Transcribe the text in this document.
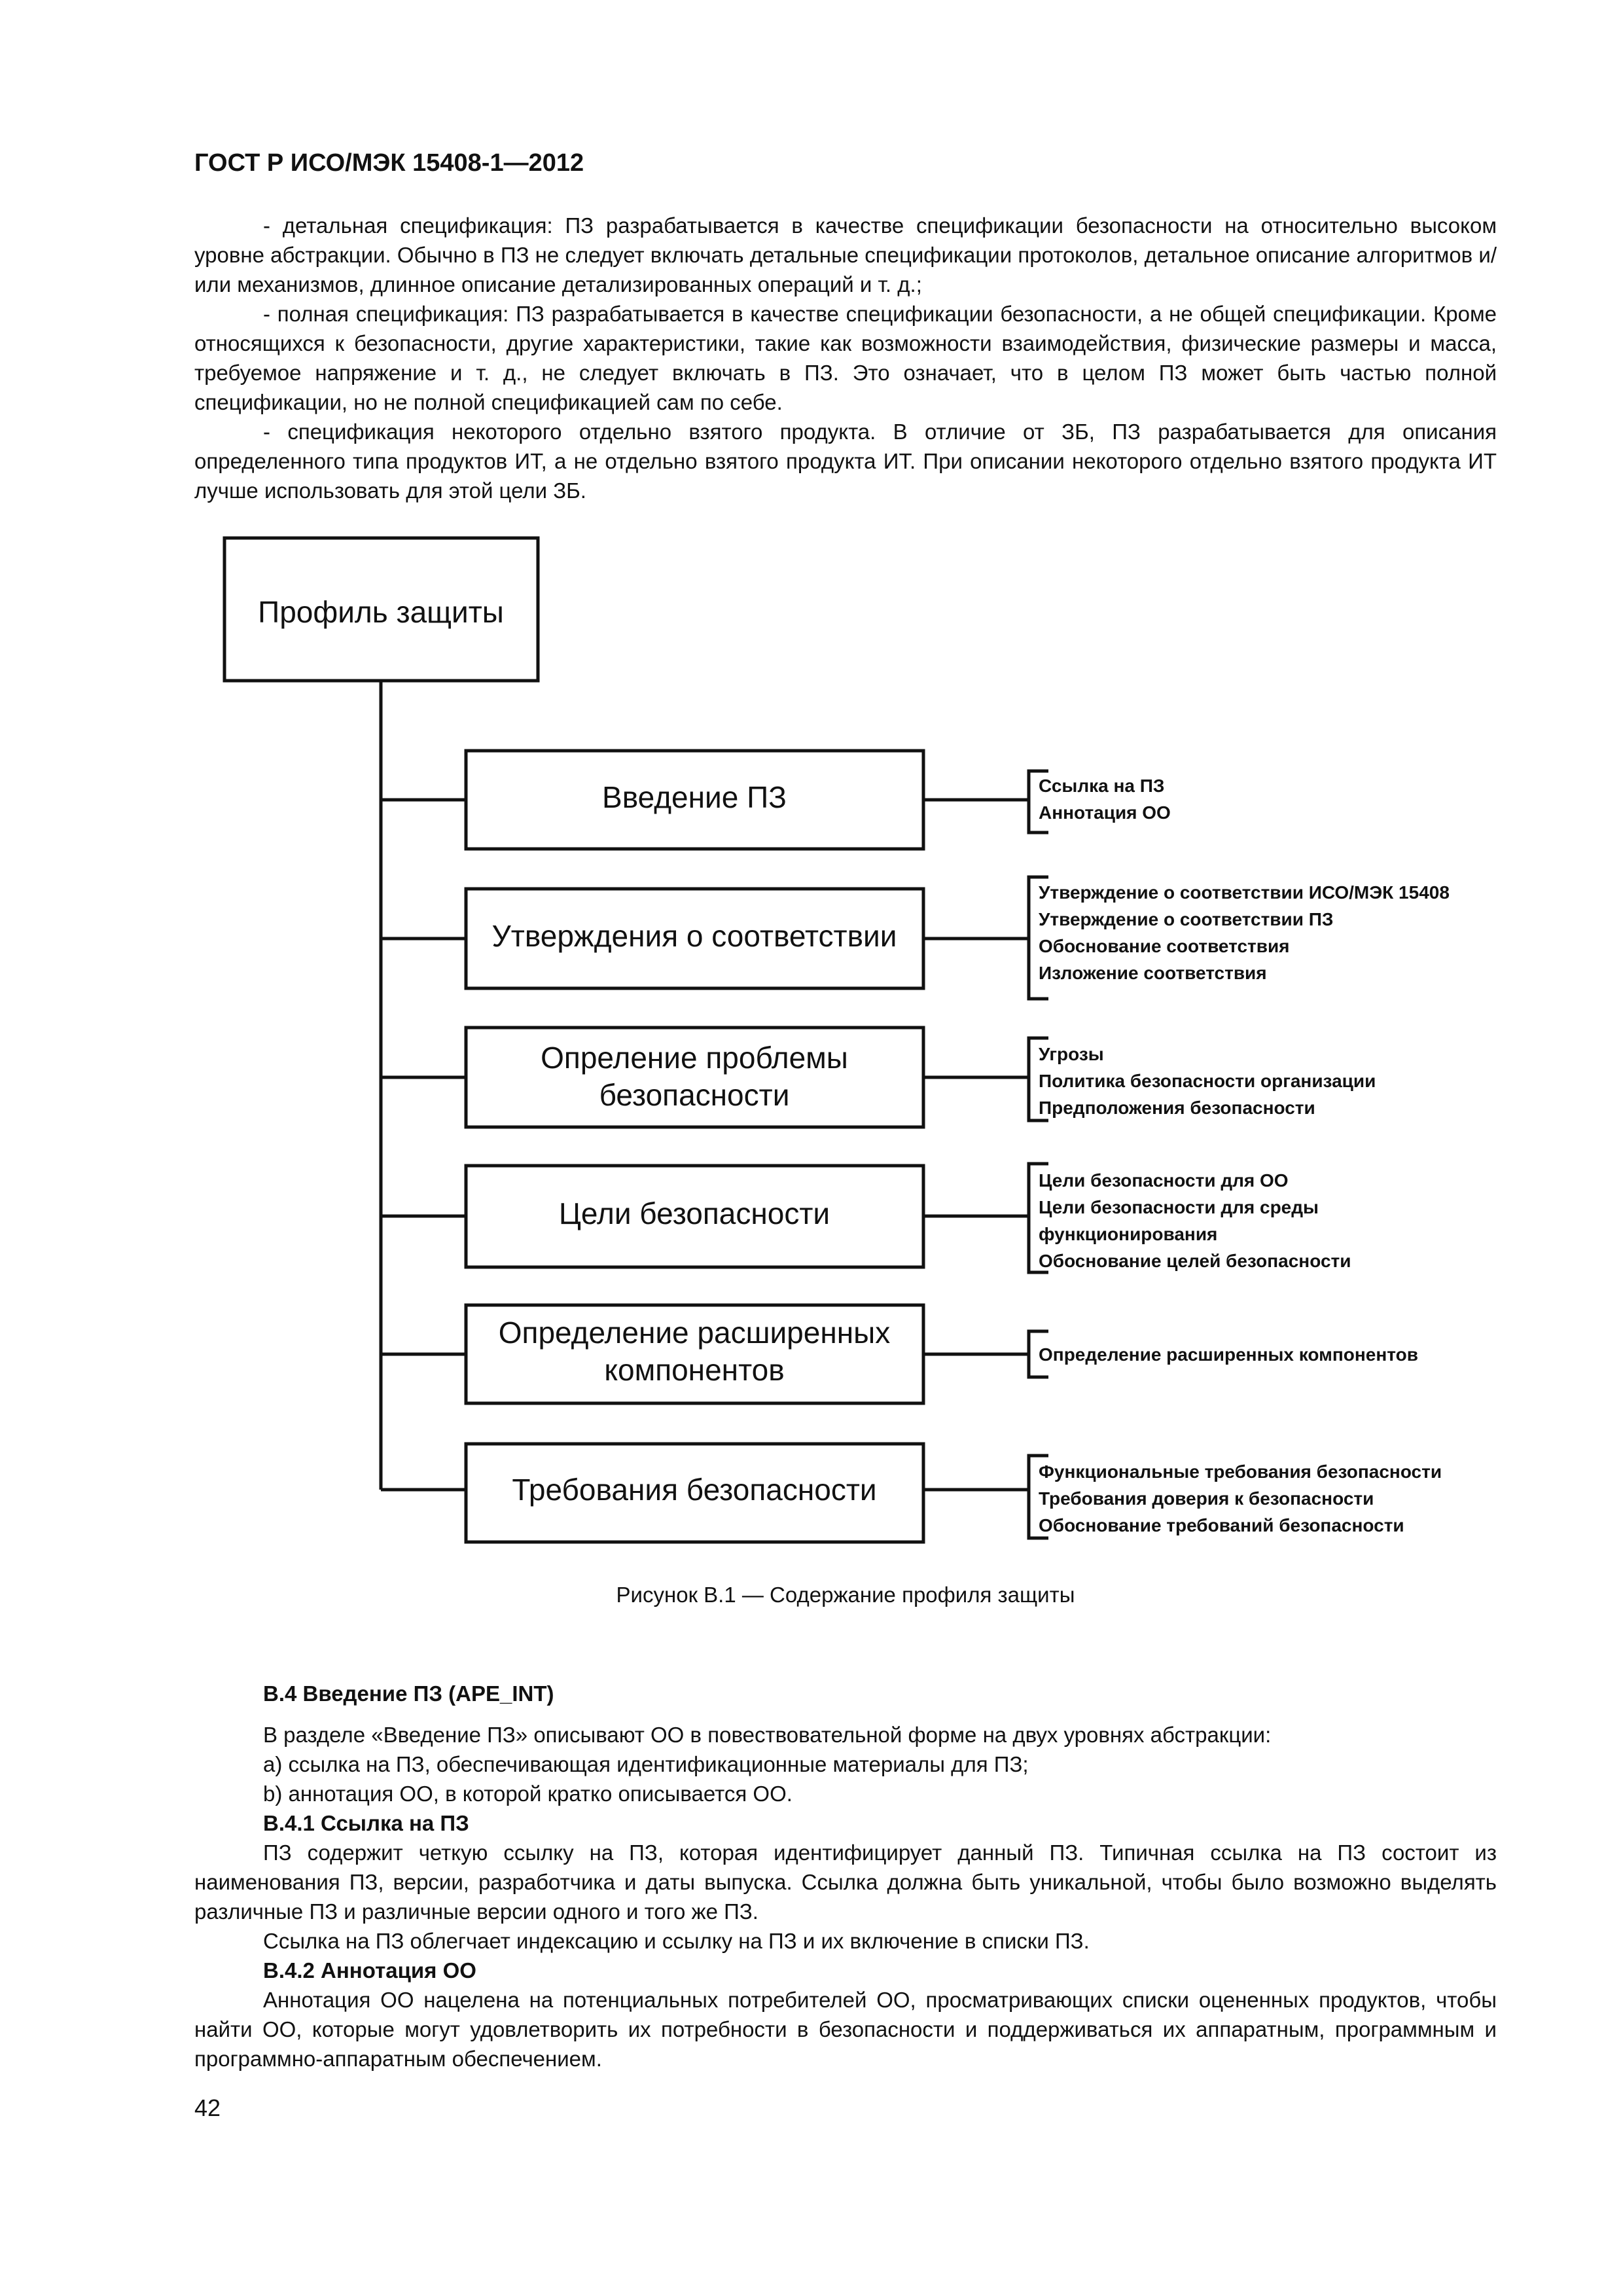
ГОСТ Р ИСО/МЭК 15408-1—2012

- детальная спецификация: ПЗ разрабатывается в качестве спецификации безопасности на относительно высоком уровне абстракции. Обычно в ПЗ не следует включать детальные спецификации протоколов, детальное описание алгоритмов и/или механизмов, длинное описание детализированных операций и т. д.;

- полная спецификация: ПЗ разрабатывается в качестве спецификации безопасности, а не общей спецификации. Кроме относящихся к безопасности, другие характеристики, такие как возможности взаимодействия, физические размеры и масса, требуемое напряжение и т. д., не следует включать в ПЗ. Это означает, что в целом ПЗ может быть частью полной спецификации, но не полной спецификацией сам по себе.

- спецификация некоторого отдельно взятого продукта. В отличие от ЗБ, ПЗ разрабатывается для описания определенного типа продуктов ИТ, а не отдельно взятого продукта ИТ. При описании некоторого отдельно взятого продукта ИТ лучше использовать для этой цели ЗБ.

Профиль защиты
Введение ПЗ
Утверждения о соответствии
Опреление проблемы
безопасности
Цели безопасности
Определение расширенных
компонентов
Требования безопасности
Ссылка на ПЗ
Аннотация ОО
Утверждение о соответствии ИСО/МЭК 15408
Утверждение о соответствии ПЗ
Обоснование соответствия
Изложение соответствия
Угрозы
Политика безопасности организации
Предположения безопасности
Цели безопасности для ОО
Цели безопасности для среды
функционирования
Обоснование целей безопасности
Определение расширенных компонентов
Функциональные требования безопасности
Требования доверия к безопасности
Обоснование требований безопасности
Рисунок В.1 — Содержание профиля защиты

В.4 Введение ПЗ (APE_INT)

В разделе «Введение ПЗ» описывают ОО в повествовательной форме на двух уровнях абстракции:

a) ссылка на ПЗ, обеспечивающая идентификационные материалы для ПЗ;

b) аннотация ОО, в которой кратко описывается ОО.

В.4.1 Ссылка на ПЗ

ПЗ содержит четкую ссылку на ПЗ, которая идентифицирует данный ПЗ. Типичная ссылка на ПЗ состоит из наименования ПЗ, версии, разработчика и даты выпуска. Ссылка должна быть уникальной, чтобы было возможно выделять различные ПЗ и различные версии одного и того же ПЗ.

Ссылка на ПЗ облегчает индексацию и ссылку на ПЗ и их включение в списки ПЗ.

В.4.2 Аннотация ОО

Аннотация ОО нацелена на потенциальных потребителей ОО, просматривающих списки оцененных продуктов, чтобы найти ОО, которые могут удовлетворить их потребности в безопасности и поддерживаться их аппаратным, программным и программно-аппаратным обеспечением.

42
